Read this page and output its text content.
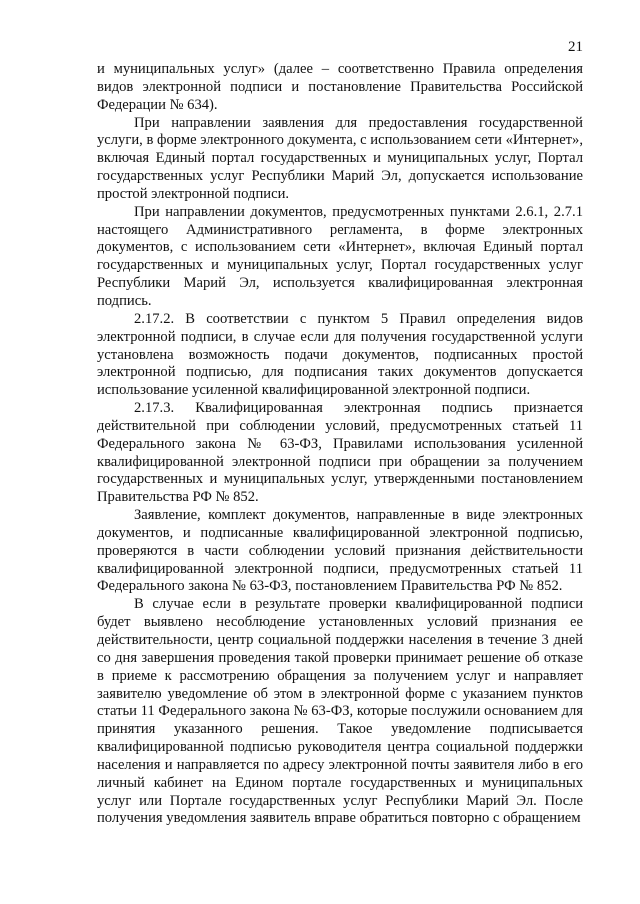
21

и муниципальных услуг» (далее – соответственно Правила определения видов электронной подписи и постановление Правительства Российской Федерации № 634).

При направлении заявления для предоставления государственной услуги, в форме электронного документа, с использованием сети «Интернет», включая Единый портал государственных и муниципальных услуг, Портал государственных услуг Республики Марий Эл, допускается использование простой электронной подписи.

При направлении документов, предусмотренных пунктами 2.6.1, 2.7.1 настоящего Административного регламента, в форме электронных документов, с использованием сети «Интернет», включая Единый портал государственных и муниципальных услуг, Портал государственных услуг Республики Марий Эл, используется квалифицированная электронная подпись.

2.17.2. В соответствии с пунктом 5 Правил определения видов электронной подписи, в случае если для получения государственной услуги установлена возможность подачи документов, подписанных простой электронной подписью, для подписания таких документов допускается использование усиленной квалифицированной электронной подписи.

2.17.3. Квалифицированная электронная подпись признается действительной при соблюдении условий, предусмотренных статьей 11 Федерального закона № 63-ФЗ, Правилами использования усиленной квалифицированной электронной подписи при обращении за получением государственных и муниципальных услуг, утвержденными постановлением Правительства РФ № 852.

Заявление, комплект документов, направленные в виде электронных документов, и подписанные квалифицированной электронной подписью, проверяются в части соблюдении условий признания действительности квалифицированной электронной подписи, предусмотренных статьей 11 Федерального закона № 63-ФЗ, постановлением Правительства РФ № 852.

В случае если в результате проверки квалифицированной подписи будет выявлено несоблюдение установленных условий признания ее действительности, центр социальной поддержки населения в течение 3 дней со дня завершения проведения такой проверки принимает решение об отказе в приеме к рассмотрению обращения за получением услуг и направляет заявителю уведомление об этом в электронной форме с указанием пунктов статьи 11 Федерального закона № 63-ФЗ, которые послужили основанием для принятия указанного решения. Такое уведомление подписывается квалифицированной подписью руководителя центра социальной поддержки населения и направляется по адресу электронной почты заявителя либо в его личный кабинет на Едином портале государственных и муниципальных услуг или Портале государственных услуг Республики Марий Эл. После получения уведомления заявитель вправе обратиться повторно с обращением
